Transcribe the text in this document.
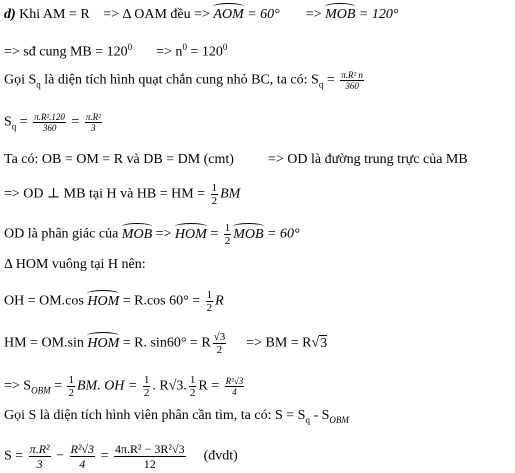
d) Khi AM = R => Δ OAM đều => AOM = 60° => MOB = 120°
=> sđ cung MB = $120^0 => n^0 = 120^0$
Gọi $S_q$ là diện tích hình quạt chắn cung nhỏ BC, ta có: $S_q = \frac{\text{π.R² n}}{360}$
$S_q = \frac{\text{π.R².120}}{360} = \frac{\text{π.R²}}{3}$
Ta có: OB = OM = R và DB = DM (cmt) => OD là đường trung trực của MB
=> OD ⊥ MB tại H và HB = HM = $\frac{1}{2}$ BM
OD là phân giác của MOB => HOM = $\frac{1}{2}$ MOB = 60°
Δ HOM vuông tại H nên:
OH = OM.cos HOM = R.cos $60^\circ = \frac{1}{2}$ R
HM = OM.sin HOM = R. sin60° = R $\frac{√3}{2}$ => BM = R√3
=> $S_{OBM} = \frac{1}{2}$ BM. OH = $\frac{1}{2}$ . R√3. $\frac{1}{2}$ $R = \frac{\text{R²√3}}{4}$
Gọi S là diện tích hình viên phân cần tìm, ta có: $S = S_q - S_{OBM}$
$S = \frac{\text{π.R²}}{3} - \frac{\text{R²√3}}{4} = \frac{\text{4π.R² − 3R²√3}}{12}$ (đvdt)
